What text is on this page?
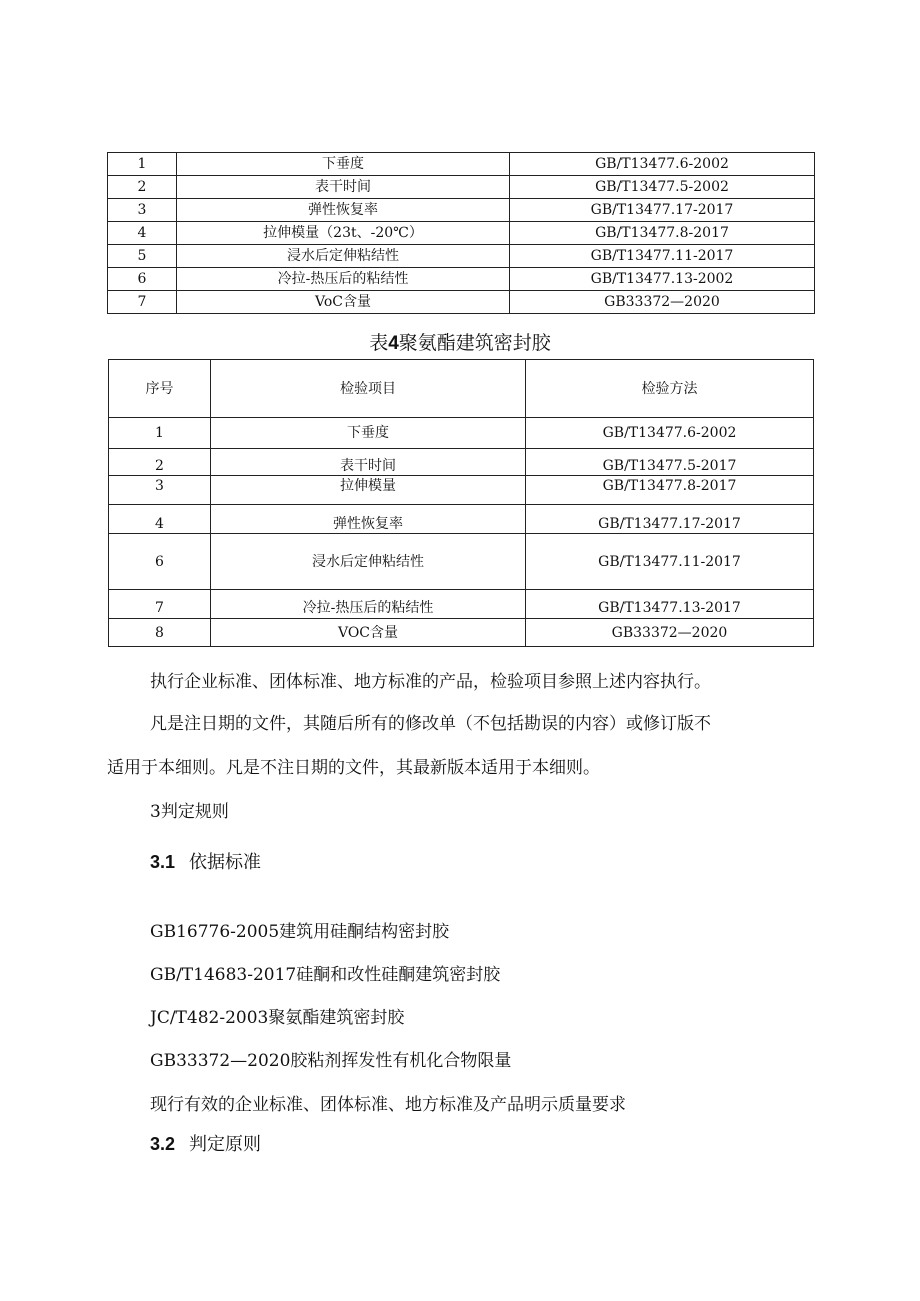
1	下垂度	GB/T13477.6-2002
2	表干时间	GB/T13477.5-2002
3	弹性恢复率	GB/T13477.17-2017
4	拉伸模量（23t、-20℃）	GB/T13477.8-2017
5	浸水后定伸粘结性	GB/T13477.11-2017
6	冷拉-热压后的粘结性	GB/T13477.13-2002
7	VoC含量	GB33372—2020
表4聚氨酯建筑密封胶
序号	检验项目	检验方法
1	下垂度	GB/T13477.6-2002
2	表干时间	GB/T13477.5-2017
3	拉伸模量	GB/T13477.8-2017
4	弹性恢复率	GB/T13477.17-2017
6	浸水后定伸粘结性	GB/T13477.11-2017
7	冷拉-热压后的粘结性	GB/T13477.13-2017
8	VOC含量	GB33372—2020
执行企业标准、团体标准、地方标准的产品，检验项目参照上述内容执行。
凡是注日期的文件，其随后所有的修改单（不包括勘误的内容）或修订版不
适用于本细则。凡是不注日期的文件，其最新版本适用于本细则。
3判定规则
3.1 依据标准
GB16776-2005建筑用硅酮结构密封胶
GB/T14683-2017硅酮和改性硅酮建筑密封胶
JC/T482-2003聚氨酯建筑密封胶
GB33372—2020胶粘剂挥发性有机化合物限量
现行有效的企业标准、团体标准、地方标准及产品明示质量要求
3.2 判定原则
